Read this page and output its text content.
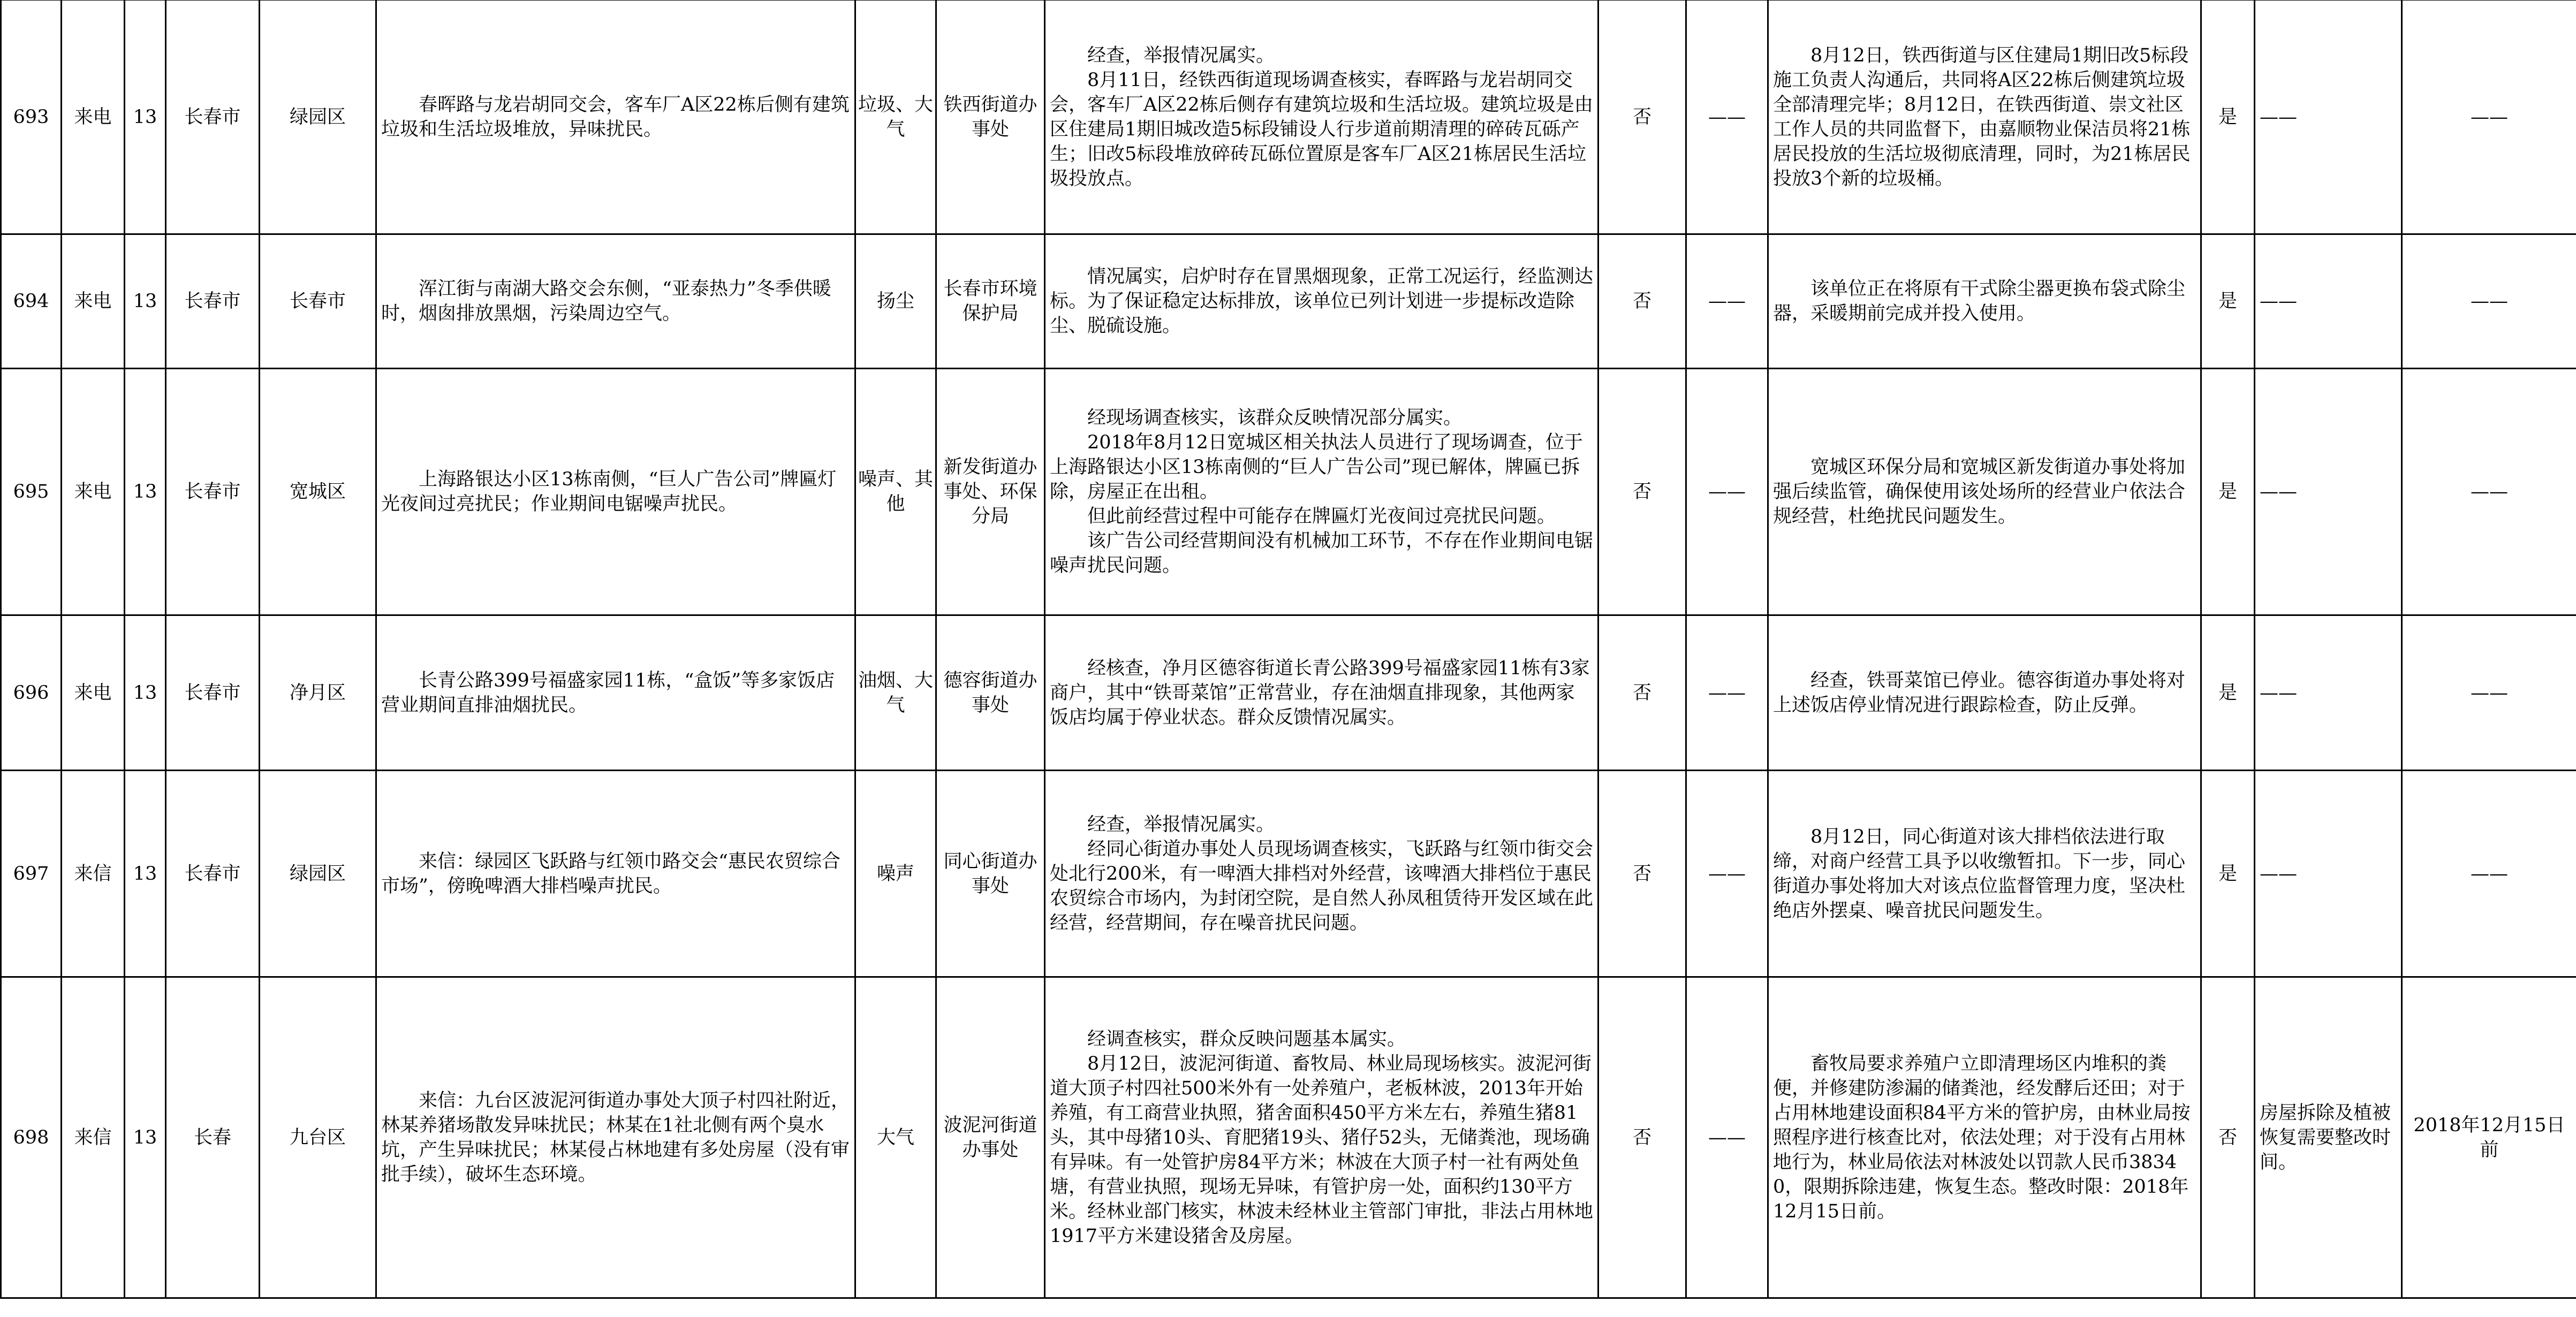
693	来电	13	长春市	绿园区	春晖路与龙岩胡同交会，客车厂A区22栋后侧有建筑垃圾和生活垃圾堆放，异味扰民。	垃圾、大气	铁西街道办事处	经查，举报情况属实。

8月11日，经铁西街道现场调查核实，春晖路与龙岩胡同交会，客车厂A区22栋后侧存有建筑垃圾和生活垃圾。建筑垃圾是由区住建局1期旧城改造5标段铺设人行步道前期清理的碎砖瓦砾产生；旧改5标段堆放碎砖瓦砾位置原是客车厂A区21栋居民生活垃圾投放点。	否	——	8月12日，铁西街道与区住建局1期旧改5标段施工负责人沟通后，共同将A区22栋后侧建筑垃圾全部清理完毕；8月12日，在铁西街道、崇文社区工作人员的共同监督下，由嘉顺物业保洁员将21栋居民投放的生活垃圾彻底清理，同时，为21栋居民投放3个新的垃圾桶。	是	——	——
694	来电	13	长春市	长春市	浑江街与南湖大路交会东侧，“亚泰热力”冬季供暖时，烟囱排放黑烟，污染周边空气。	扬尘	长春市环境保护局	情况属实，启炉时存在冒黑烟现象，正常工况运行，经监测达标。为了保证稳定达标排放，该单位已列计划进一步提标改造除尘、脱硫设施。	否	——	该单位正在将原有干式除尘器更换布袋式除尘器，采暖期前完成并投入使用。	是	——	——
695	来电	13	长春市	宽城区	上海路银达小区13栋南侧，“巨人广告公司”牌匾灯光夜间过亮扰民；作业期间电锯噪声扰民。	噪声、其他	新发街道办事处、环保分局	经现场调查核实，该群众反映情况部分属实。

2018年8月12日宽城区相关执法人员进行了现场调查，位于上海路银达小区13栋南侧的“巨人广告公司”现已解体，牌匾已拆除，房屋正在出租。

但此前经营过程中可能存在牌匾灯光夜间过亮扰民问题。

该广告公司经营期间没有机械加工环节，不存在作业期间电锯噪声扰民问题。	否	——	宽城区环保分局和宽城区新发街道办事处将加强后续监管，确保使用该处场所的经营业户依法合规经营，杜绝扰民问题发生。	是	——	——
696	来电	13	长春市	净月区	长青公路399号福盛家园11栋，“盒饭”等多家饭店营业期间直排油烟扰民。	油烟、大气	德容街道办事处	经核查，净月区德容街道长青公路399号福盛家园11栋有3家商户，其中“铁哥菜馆”正常营业，存在油烟直排现象，其他两家饭店均属于停业状态。群众反馈情况属实。	否	——	经查，铁哥菜馆已停业。德容街道办事处将对上述饭店停业情况进行跟踪检查，防止反弹。	是	——	——
697	来信	13	长春市	绿园区	来信：绿园区飞跃路与红领巾路交会“惠民农贸综合市场”，傍晚啤酒大排档噪声扰民。	噪声	同心街道办事处	经查，举报情况属实。

经同心街道办事处人员现场调查核实，飞跃路与红领巾街交会处北行200米，有一啤酒大排档对外经营，该啤酒大排档位于惠民农贸综合市场内，为封闭空院，是自然人孙凤租赁待开发区域在此经营，经营期间，存在噪音扰民问题。	否	——	8月12日，同心街道对该大排档依法进行取缔，对商户经营工具予以收缴暂扣。下一步，同心街道办事处将加大对该点位监督管理力度，坚决杜绝店外摆桌、噪音扰民问题发生。	是	——	——
698	来信	13	长春	九台区	来信：九台区波泥河街道办事处大顶子村四社附近，林某养猪场散发异味扰民；林某在1社北侧有两个臭水坑，产生异味扰民；林某侵占林地建有多处房屋（没有审批手续），破坏生态环境。	大气	波泥河街道办事处	经调查核实，群众反映问题基本属实。

8月12日，波泥河街道、畜牧局、林业局现场核实。波泥河街道大顶子村四社500米外有一处养殖户，老板林波，2013年开始养殖，有工商营业执照，猪舍面积450平方米左右，养殖生猪81头，其中母猪10头、育肥猪19头、猪仔52头，无储粪池，现场确有异味。有一处管护房84平方米；林波在大顶子村一社有两处鱼塘，有营业执照，现场无异味，有管护房一处，面积约130平方米。经林业部门核实，林波未经林业主管部门审批，非法占用林地1917平方米建设猪舍及房屋。	否	——	畜牧局要求养殖户立即清理场区内堆积的粪便，并修建防渗漏的储粪池，经发酵后还田；对于占用林地建设面积84平方米的管护房，由林业局按照程序进行核查比对，依法处理；对于没有占用林地行为，林业局依法对林波处以罚款人民币38340，限期拆除违建，恢复生态。整改时限：2018年12月15日前。	否	房屋拆除及植被恢复需要整改时间。	2018年12月15日前
